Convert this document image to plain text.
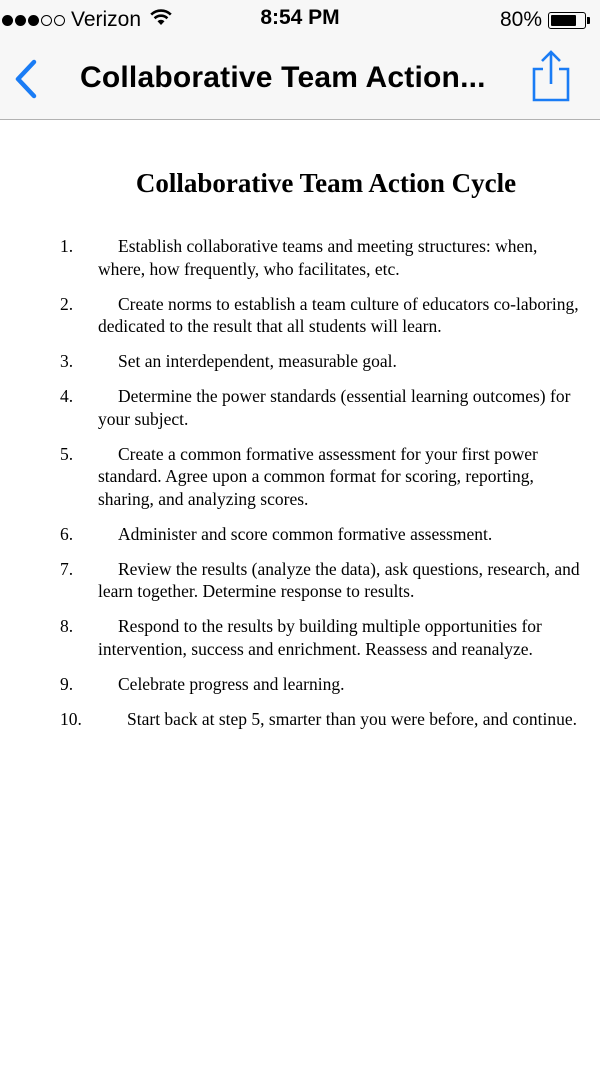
Verizon	8:54 PM	80%
Collaborative Team Action...
Collaborative Team Action Cycle
1.	Establish collaborative teams and meeting structures: when, where, how frequently, who facilitates, etc.
2.	Create norms to establish a team culture of educators co-laboring, dedicated to the result that all students will learn.
3.	Set an interdependent, measurable goal.
4.	Determine the power standards (essential learning outcomes) for your subject.
5.	Create a common formative assessment for your first power standard. Agree upon a common format for scoring, reporting, sharing, and analyzing scores.
6.	Administer and score common formative assessment.
7.	Review the results (analyze the data), ask questions, research, and learn together. Determine response to results.
8.	Respond to the results by building multiple opportunities for intervention, success and enrichment. Reassess and reanalyze.
9.	Celebrate progress and learning.
10.	Start back at step 5, smarter than you were before, and continue.
